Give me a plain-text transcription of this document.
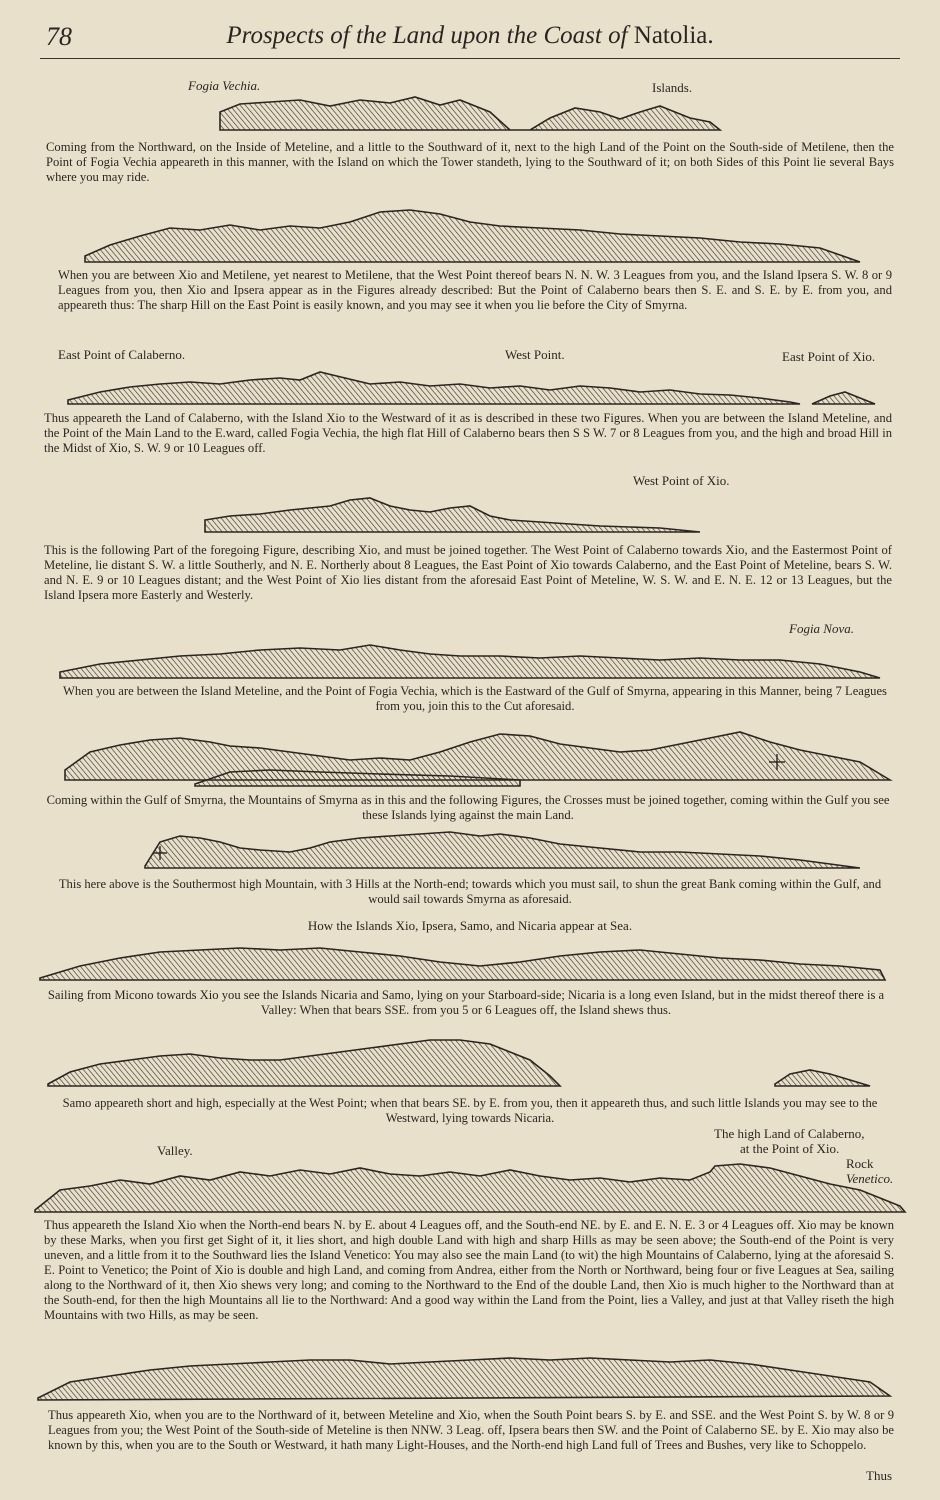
78	Prospects of the Land upon the Coast of Natolia.
Fogia Vechia.	Islands.
Coming from the Northward, on the Inside of Meteline, and a little to the Southward of it, next to the high Land of the Point on the South-side of Metilene, then the Point of Fogia Vechia appeareth in this manner, with the Island on which the Tower standeth, lying to the Southward of it; on both Sides of this Point lie several Bays where you may ride.
When you are between Xio and Metilene, yet nearest to Metilene, that the West Point thereof bears N. N. W. 3 Leagues from you, and the Island Ipsera S. W. 8 or 9 Leagues from you, then Xio and Ipsera appear as in the Figures already described: But the Point of Calaberno bears then S. E. and S. E. by E. from you, and appeareth thus: The sharp Hill on the East Point is easily known, and you may see it when you lie before the City of Smyrna.
East Point of Calaberno.	West Point.	East Point of Xio.
Thus appeareth the Land of Calaberno, with the Island Xio to the Westward of it as is described in these two Figures. When you are between the Island Meteline, and the Point of the Main Land to the E.ward, called Fogia Vechia, the high flat Hill of Calaberno bears then S S W. 7 or 8 Leagues from you, and the high and broad Hill in the Midst of Xio, S. W. 9 or 10 Leagues off.
West Point of Xio.
This is the following Part of the foregoing Figure, describing Xio, and must be joined together. The West Point of Calaberno towards Xio, and the Eastermost Point of Meteline, lie distant S. W. a little Southerly, and N. E. Northerly about 8 Leagues, the East Point of Xio towards Calaberno, and the East Point of Meteline, bears S. W. and N. E. 9 or 10 Leagues distant; and the West Point of Xio lies distant from the aforesaid East Point of Meteline, W. S. W. and E. N. E. 12 or 13 Leagues, but the Island Ipsera more Easterly and Westerly.
Fogia Nova.
When you are between the Island Meteline, and the Point of Fogia Vechia, which is the Eastward of the Gulf of Smyrna, appearing in this Manner, being 7 Leagues from you, join this to the Cut aforesaid.
Coming within the Gulf of Smyrna, the Mountains of Smyrna as in this and the following Figures, the Crosses must be joined together, coming within the Gulf you see these Islands lying against the main Land.
This here above is the Southermost high Mountain, with 3 Hills at the North-end; towards which you must sail, to shun the great Bank coming within the Gulf, and would sail towards Smyrna as aforesaid.
How the Islands Xio, Ipsera, Samo, and Nicaria appear at Sea.
Sailing from Micono towards Xio you see the Islands Nicaria and Samo, lying on your Starboard-side; Nicaria is a long even Island, but in the midst thereof there is a Valley: When that bears SSE. from you 5 or 6 Leagues off, the Island shews thus.
Samo appeareth short and high, especially at the West Point; when that bears SE. by E. from you, then it appeareth thus, and such little Islands you may see to the Westward, lying towards Nicaria.
Valley.
The high Land of Calaberno,
at the Point of Xio.
Rock
Venetico.
Thus appeareth the Island Xio when the North-end bears N. by E. about 4 Leagues off, and the South-end NE. by E. and E. N. E. 3 or 4 Leagues off. Xio may be known by these Marks, when you first get Sight of it, it lies short, and high double Land with high and sharp Hills as may be seen above; the South-end of the Point is very uneven, and a little from it to the Southward lies the Island Venetico: You may also see the main Land (to wit) the high Mountains of Calaberno, lying at the aforesaid S. E. Point to Venetico; the Point of Xio is double and high Land, and coming from Andrea, either from the North or Northward, being four or five Leagues at Sea, sailing along to the Northward of it, then Xio shews very long; and coming to the Northward to the End of the double Land, then Xio is much higher to the Northward than at the South-end, for then the high Mountains all lie to the Northward: And a good way within the Land from the Point, lies a Valley, and just at that Valley riseth the high Mountains with two Hills, as may be seen.
Thus appeareth Xio, when you are to the Northward of it, between Meteline and Xio, when the South Point bears S. by E. and SSE. and the West Point S. by W. 8 or 9 Leagues from you; the West Point of the South-side of Meteline is then NNW. 3 Leag. off, Ipsera bears then SW. and the Point of Calaberno SE. by E. Xio may also be known by this, when you are to the South or Westward, it hath many Light-Houses, and the North-end high Land full of Trees and Bushes, very like to Schoppelo.
Thus
